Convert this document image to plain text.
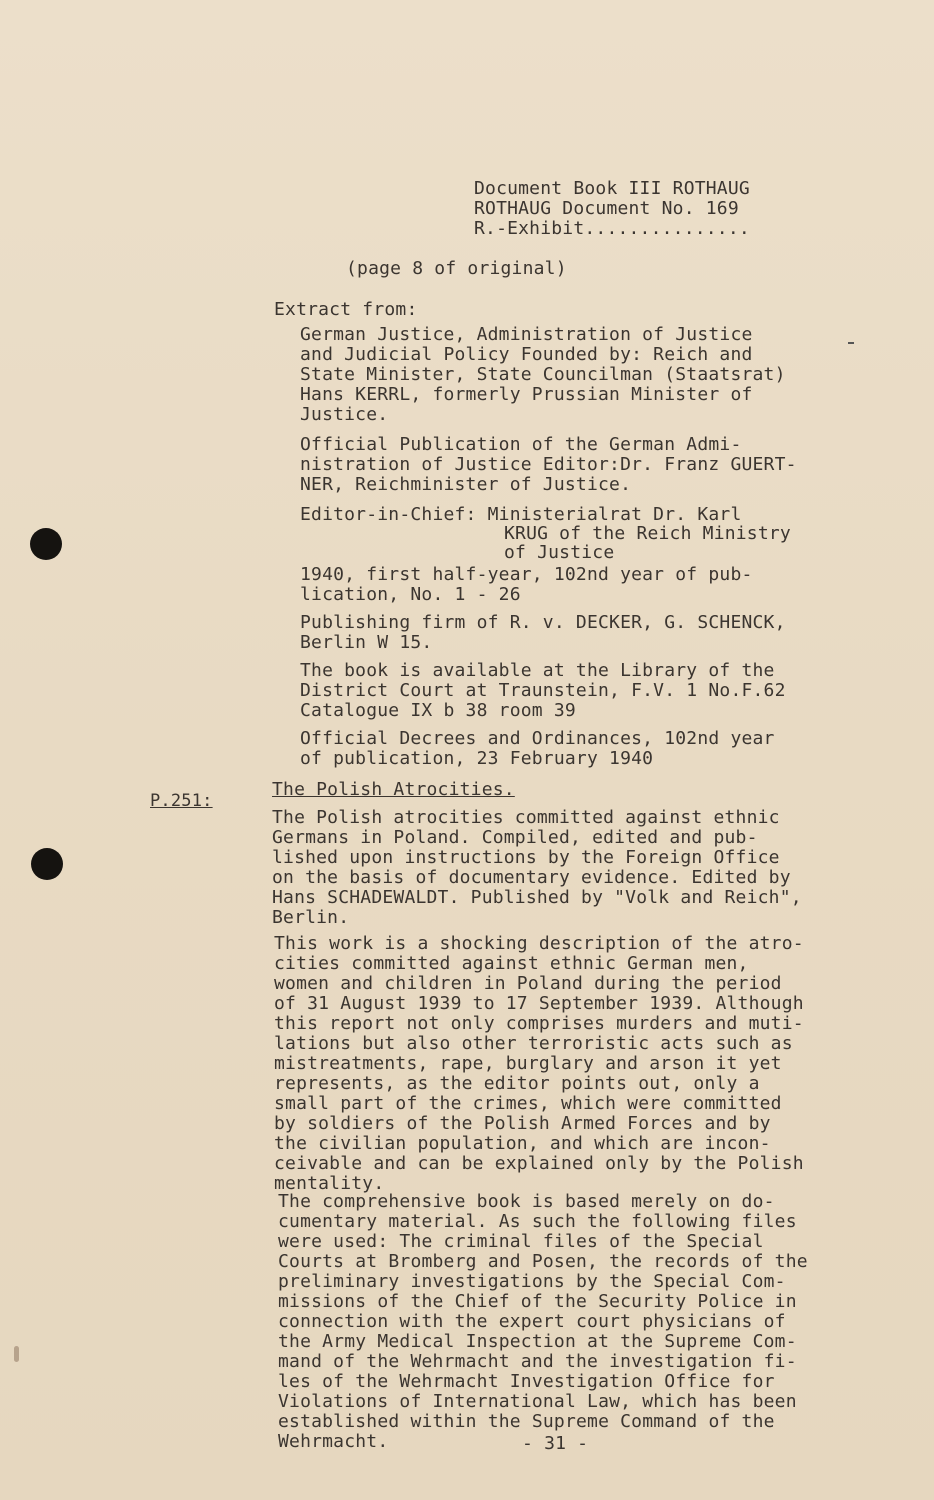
Document Book III ROTHAUG
ROTHAUG Document No. 169
R.-Exhibit...............
(page 8 of original)
Extract from:
German Justice, Administration of Justice
and Judicial Policy Founded by: Reich and
State Minister, State Councilman (Staatsrat)
Hans KERRL, formerly Prussian Minister of
Justice.
Official Publication of the German Admi-
nistration of Justice Editor:Dr. Franz GUERT-
NER, Reichminister of Justice.
Editor-in-Chief: Ministerialrat Dr. Karl
KRUG of the Reich Ministry
of Justice
1940, first half-year, 102nd year of pub-
lication, No. 1 - 26
Publishing firm of R. v. DECKER, G. SCHENCK,
Berlin W 15.
The book is available at the Library of the
District Court at Traunstein, F.V. 1 No.F.62
Catalogue IX b 38 room 39
Official Decrees and Ordinances, 102nd year
of publication, 23 February 1940
P.251:
The Polish Atrocities.
The Polish atrocities committed against ethnic
Germans in Poland. Compiled, edited and pub-
lished upon instructions by the Foreign Office
on the basis of documentary evidence. Edited by
Hans SCHADEWALDT. Published by "Volk and Reich",
Berlin.
This work is a shocking description of the atro-
cities committed against ethnic German men,
women and children in Poland during the period
of 31 August 1939 to 17 September 1939. Although
this report not only comprises murders and muti-
lations but also other terroristic acts such as
mistreatments, rape, burglary and arson it yet
represents, as the editor points out, only a
small part of the crimes, which were committed
by soldiers of the Polish Armed Forces and by
the civilian population, and which are incon-
ceivable and can be explained only by the Polish
mentality.
The comprehensive book is based merely on do-
cumentary material. As such the following files
were used: The criminal files of the Special
Courts at Bromberg and Posen, the records of the
preliminary investigations by the Special Com-
missions of the Chief of the Security Police in
connection with the expert court physicians of
the Army Medical Inspection at the Supreme Com-
mand of the Wehrmacht and the investigation fi-
les of the Wehrmacht Investigation Office for
Violations of International Law, which has been
established within the Supreme Command of the
Wehrmacht.	- 31 -
